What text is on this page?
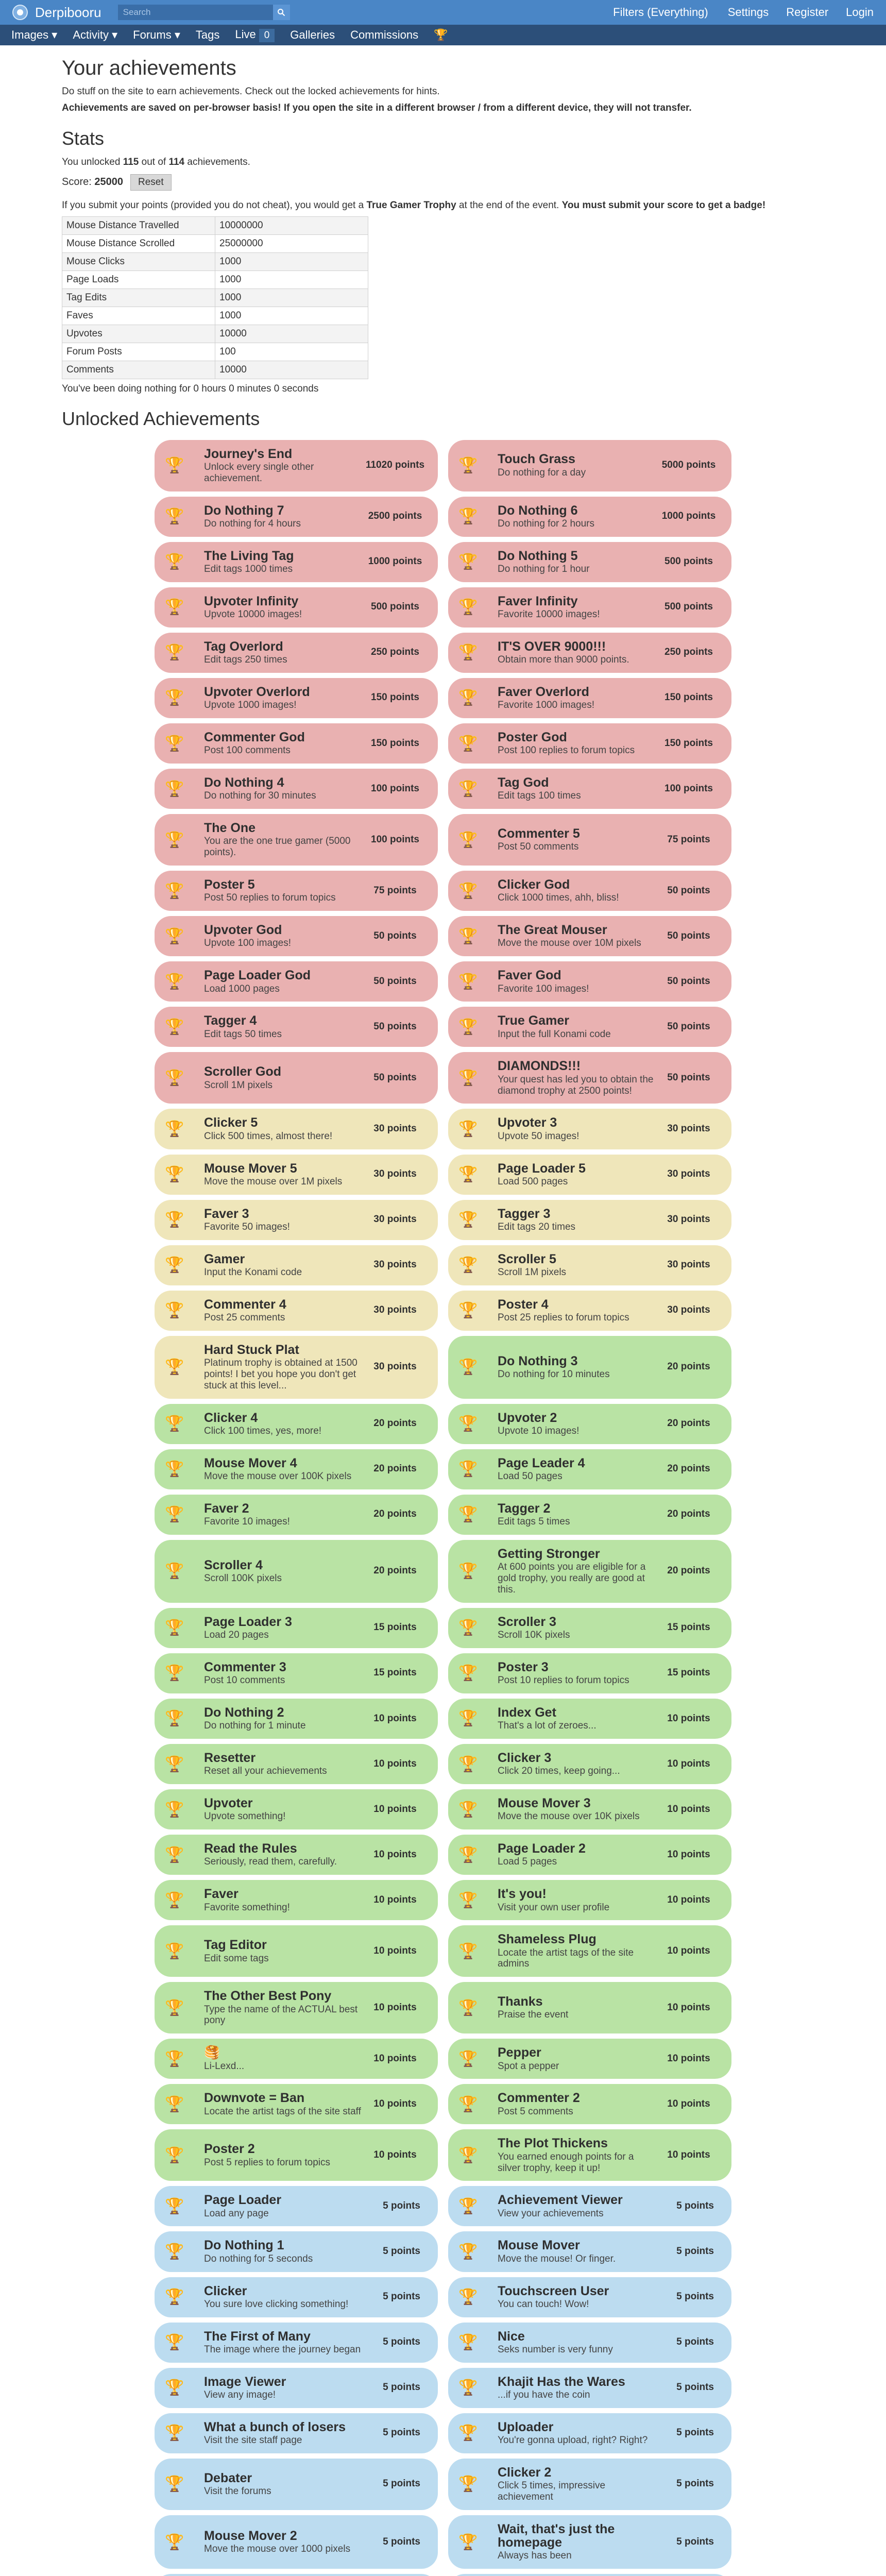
Derpibooru
Search	Filters (Everything) Settings Register Login
Images ▾ Activity ▾ Forums ▾ Tags Live 0	Galleries Commissions 🏆
Your achievements

Do stuff on the site to earn achievements. Check out the locked achievements for hints.

Achievements are saved on per-browser basis! If you open the site in a different browser / from a different device, they will not transfer.

Stats

You unlocked 115 out of 114 achievements.

Score: 25000	Reset

If you submit your points (provided you do not cheat), you would get a True Gamer Trophy at the end of the event. You must submit your score to get a badge!

Mouse Distance Travelled	10000000
Mouse Distance Scrolled	25000000
Mouse Clicks	1000
Page Loads	1000
Tag Edits	1000
Faves	1000
Upvotes	10000
Forum Posts	100
Comments	10000

You've been doing nothing for 0 hours 0 minutes 0 seconds

Unlocked Achievements
🏆
Journey's End
Unlock every single other achievement.
11020 points 🏆 Touch Grass
Do nothing for a day
5000 points
🏆 Do Nothing 7
Do nothing for 4 hours
2500 points	🏆 Do Nothing 6
Do nothing for 2 hours
1000 points
🏆 The Living Tag
Edit tags 1000 times
1000 points	🏆 Do Nothing 5
Do nothing for 1 hour
500 points
🏆 Upvoter Infinity
Upvote 10000 images!
500 points	🏆 Faver Infinity
Favorite 10000 images!
500 points
🏆 Tag Overlord
Edit tags 250 times
250 points	🏆 IT'S OVER 9000!!!
Obtain more than 9000 points.
250 points
🏆 Upvoter Overlord
Upvote 1000 images!
150 points	🏆 Faver Overlord
Favorite 1000 images!
150 points
🏆 Commenter God
Post 100 comments
150 points	🏆 Poster God
Post 100 replies to forum topics
150 points
🏆 Do Nothing 4
Do nothing for 30 minutes
100 points	🏆 Tag God
Edit tags 100 times
100 points
🏆
The One
You are the one true gamer (5000 points).
100 points	🏆 Commenter 5
Post 50 comments
75 points
🏆 Poster 5
Post 50 replies to forum topics
75 points	🏆 Clicker God
Click 1000 times, ahh, bliss!
50 points
🏆 Upvoter God
Upvote 100 images!
50 points	🏆 The Great Mouser
Move the mouse over 10M pixels
50 points
🏆 Page Loader God
Load 1000 pages
50 points	🏆 Faver God
Favorite 100 images!
50 points
🏆 Tagger 4
Edit tags 50 times
50 points	🏆 True Gamer
Input the full Konami code
50 points
🏆 Scroller God
Scroll 1M pixels
50 points	🏆
DIAMONDS!!!
Your quest has led you to obtain the diamond trophy at 2500 points!
50 points
🏆 Clicker 5
Click 500 times, almost there!
30 points	🏆 Upvoter 3
Upvote 50 images!
30 points
🏆 Mouse Mover 5
Move the mouse over 1M pixels
30 points	🏆 Page Loader 5
Load 500 pages
30 points
🏆 Faver 3
Favorite 50 images!
30 points	🏆 Tagger 3
Edit tags 20 times
30 points
🏆 Gamer
Input the Konami code
30 points	🏆 Scroller 5
Scroll 1M pixels
30 points
🏆 Commenter 4
Post 25 comments
30 points	🏆 Poster 4
Post 25 replies to forum topics
30 points
🏆
Hard Stuck Plat
Platinum trophy is obtained at 1500 points! I bet you hope you don't get stuck at this level...
30 points	🏆 Do Nothing 3
Do nothing for 10 minutes
20 points
🏆 Clicker 4
Click 100 times, yes, more!
20 points	🏆 Upvoter 2
Upvote 10 images!
20 points
🏆 Mouse Mover 4
Move the mouse over 100K pixels
20 points	🏆 Page Leader 4
Load 50 pages
20 points
🏆 Faver 2
Favorite 10 images!
20 points	🏆 Tagger 2
Edit tags 5 times
20 points
🏆 Scroller 4
Scroll 100K pixels
20 points	🏆
Getting Stronger
At 600 points you are eligible for a gold trophy, you really are good at this.
20 points
🏆 Page Loader 3
Load 20 pages
15 points	🏆 Scroller 3
Scroll 10K pixels
15 points
🏆 Commenter 3
Post 10 comments
15 points	🏆 Poster 3
Post 10 replies to forum topics
15 points
🏆 Do Nothing 2
Do nothing for 1 minute
10 points	🏆 Index Get
That's a lot of zeroes...
10 points
🏆 Resetter
Reset all your achievements
10 points	🏆 Clicker 3
Click 20 times, keep going...
10 points
🏆 Upvoter
Upvote something!
10 points	🏆 Mouse Mover 3
Move the mouse over 10K pixels
10 points
🏆 Read the Rules
Seriously, read them, carefully.
10 points	🏆 Page Loader 2
Load 5 pages
10 points
🏆 Faver
Favorite something!
10 points	🏆 It's you!
Visit your own user profile
10 points
🏆 Tag Editor
Edit some tags
10 points	🏆
Shameless Plug
Locate the artist tags of the site admins
10 points
🏆
The Other Best Pony
Type the name of the ACTUAL best pony
10 points	🏆 Thanks
Praise the event
10 points
🏆 🥞
Li-Lexd...
10 points	🏆 Pepper
Spot a pepper
10 points
🏆 Downvote = Ban
Locate the artist tags of the site staff
10 points	🏆 Commenter 2
Post 5 comments
10 points
🏆 Poster 2
Post 5 replies to forum topics
10 points	🏆
The Plot Thickens
You earned enough points for a silver trophy, keep it up!
10 points
🏆 Page Loader
Load any page
5 points	🏆 Achievement Viewer
View your achievements
5 points
🏆 Do Nothing 1
Do nothing for 5 seconds
5 points	🏆 Mouse Mover
Move the mouse! Or finger.
5 points
🏆 Clicker
You sure love clicking something!
5 points	🏆 Touchscreen User
You can touch! Wow!
5 points
🏆 The First of Many
The image where the journey began
5 points	🏆 Nice
Seks number is very funny
5 points
🏆 Image Viewer
View any image!
5 points	🏆 Khajit Has the Wares
...if you have the coin
5 points
🏆 What a bunch of losers
Visit the site staff page
5 points	🏆 Uploader
You're gonna upload, right? Right?
5 points
🏆 Debater
Visit the forums
5 points	🏆
Clicker 2
Click 5 times, impressive achievement
5 points
🏆 Mouse Mover 2
Move the mouse over 1000 pixels
5 points	🏆
Wait, that's just the homepage
Always has been
5 points
